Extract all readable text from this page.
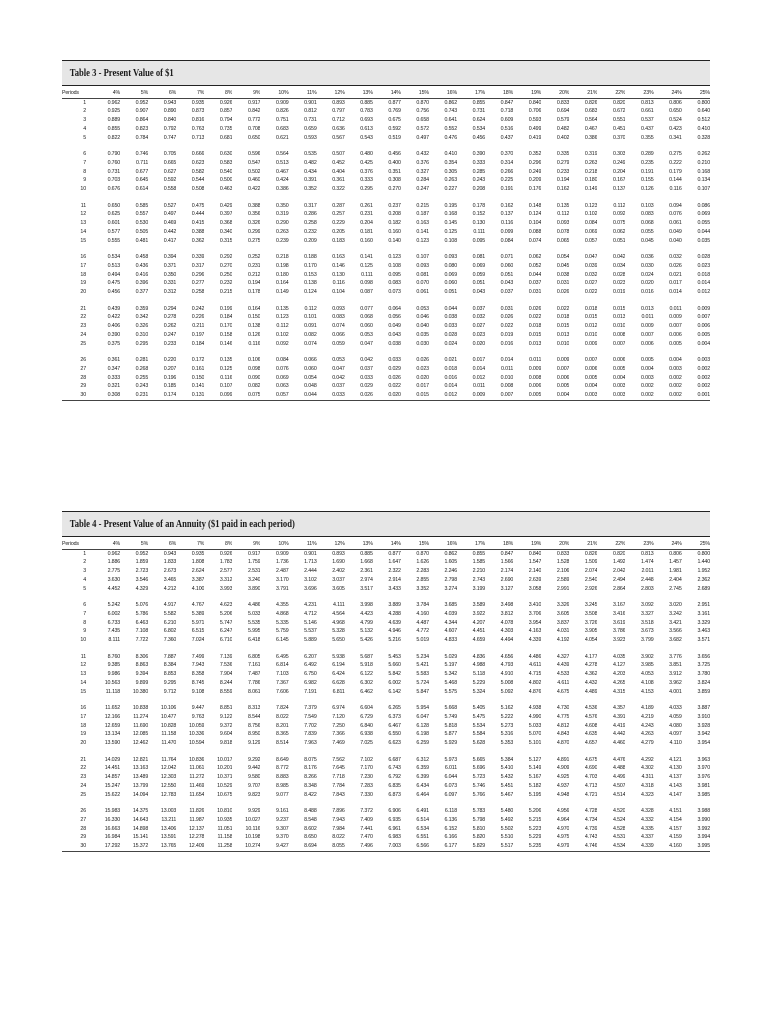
Table 3 - Present Value of $1
Periods	4%	5%	6%	7%	8%	9%	10%	11%	12%	13%	14%	15%	16%	17%	18%	19%	20%	21%	22%	23%	24%	25%
1	0.962	0.952	0.943	0.935	0.926	0.917	0.909	0.901	0.893	0.885	0.877	0.870	0.862	0.855	0.847	0.840	0.833	0.826	0.820	0.813	0.806	0.800
2	0.925	0.907	0.890	0.873	0.857	0.842	0.826	0.812	0.797	0.783	0.769	0.756	0.743	0.731	0.718	0.706	0.694	0.683	0.672	0.661	0.650	0.640
3	0.889	0.864	0.840	0.816	0.794	0.772	0.751	0.731	0.712	0.693	0.675	0.658	0.641	0.624	0.609	0.593	0.579	0.564	0.551	0.537	0.524	0.512
4	0.855	0.823	0.792	0.763	0.735	0.708	0.683	0.659	0.636	0.613	0.592	0.572	0.552	0.534	0.516	0.499	0.482	0.467	0.451	0.437	0.423	0.410
5	0.822	0.784	0.747	0.713	0.681	0.650	0.621	0.593	0.567	0.543	0.519	0.497	0.476	0.456	0.437	0.419	0.402	0.386	0.370	0.355	0.341	0.328

6	0.790	0.746	0.705	0.666	0.630	0.596	0.564	0.535	0.507	0.480	0.456	0.432	0.410	0.390	0.370	0.352	0.335	0.319	0.303	0.289	0.275	0.262
7	0.760	0.711	0.665	0.623	0.583	0.547	0.513	0.482	0.452	0.425	0.400	0.376	0.354	0.333	0.314	0.296	0.279	0.263	0.249	0.235	0.222	0.210
8	0.731	0.677	0.627	0.582	0.540	0.502	0.467	0.434	0.404	0.376	0.351	0.327	0.305	0.285	0.266	0.249	0.233	0.218	0.204	0.191	0.179	0.168
9	0.703	0.645	0.592	0.544	0.500	0.460	0.424	0.391	0.361	0.333	0.308	0.284	0.263	0.243	0.225	0.209	0.194	0.180	0.167	0.155	0.144	0.134
10	0.676	0.614	0.558	0.508	0.463	0.422	0.386	0.352	0.322	0.295	0.270	0.247	0.227	0.208	0.191	0.176	0.162	0.149	0.137	0.126	0.116	0.107

11	0.650	0.585	0.527	0.475	0.429	0.388	0.350	0.317	0.287	0.261	0.237	0.215	0.195	0.178	0.162	0.148	0.135	0.123	0.112	0.103	0.094	0.086
12	0.625	0.557	0.497	0.444	0.397	0.356	0.319	0.286	0.257	0.231	0.208	0.187	0.168	0.152	0.137	0.124	0.112	0.102	0.092	0.083	0.076	0.069
13	0.601	0.530	0.469	0.415	0.368	0.326	0.290	0.258	0.229	0.204	0.182	0.163	0.145	0.130	0.116	0.104	0.093	0.084	0.075	0.068	0.061	0.055
14	0.577	0.505	0.442	0.388	0.340	0.299	0.263	0.232	0.205	0.181	0.160	0.141	0.125	0.111	0.099	0.088	0.078	0.069	0.062	0.055	0.049	0.044
15	0.555	0.481	0.417	0.362	0.315	0.275	0.239	0.209	0.183	0.160	0.140	0.123	0.108	0.095	0.084	0.074	0.065	0.057	0.051	0.045	0.040	0.035

16	0.534	0.458	0.394	0.339	0.292	0.252	0.218	0.188	0.163	0.141	0.123	0.107	0.093	0.081	0.071	0.062	0.054	0.047	0.042	0.036	0.032	0.028
17	0.513	0.436	0.371	0.317	0.270	0.231	0.198	0.170	0.146	0.125	0.108	0.093	0.080	0.069	0.060	0.052	0.045	0.039	0.034	0.030	0.026	0.023
18	0.494	0.416	0.350	0.296	0.250	0.212	0.180	0.153	0.130	0.111	0.095	0.081	0.069	0.059	0.051	0.044	0.038	0.032	0.028	0.024	0.021	0.018
19	0.475	0.396	0.331	0.277	0.232	0.194	0.164	0.138	0.116	0.098	0.083	0.070	0.060	0.051	0.043	0.037	0.031	0.027	0.023	0.020	0.017	0.014
20	0.456	0.377	0.312	0.258	0.215	0.178	0.149	0.124	0.104	0.087	0.073	0.061	0.051	0.043	0.037	0.031	0.026	0.022	0.019	0.016	0.014	0.012

21	0.439	0.359	0.294	0.242	0.199	0.164	0.135	0.112	0.093	0.077	0.064	0.053	0.044	0.037	0.031	0.026	0.022	0.018	0.015	0.013	0.011	0.009
22	0.422	0.342	0.278	0.226	0.184	0.150	0.123	0.101	0.083	0.068	0.056	0.046	0.038	0.032	0.026	0.022	0.018	0.015	0.013	0.011	0.009	0.007
23	0.406	0.326	0.262	0.211	0.170	0.138	0.112	0.091	0.074	0.060	0.049	0.040	0.033	0.027	0.022	0.018	0.015	0.012	0.010	0.009	0.007	0.006
24	0.390	0.310	0.247	0.197	0.158	0.126	0.102	0.082	0.066	0.053	0.043	0.035	0.028	0.023	0.019	0.015	0.013	0.010	0.008	0.007	0.006	0.005
25	0.375	0.295	0.233	0.184	0.146	0.116	0.092	0.074	0.059	0.047	0.038	0.030	0.024	0.020	0.016	0.013	0.010	0.009	0.007	0.006	0.005	0.004

26	0.361	0.281	0.220	0.172	0.135	0.106	0.084	0.066	0.053	0.042	0.033	0.026	0.021	0.017	0.014	0.011	0.009	0.007	0.006	0.005	0.004	0.003
27	0.347	0.268	0.207	0.161	0.125	0.098	0.076	0.060	0.047	0.037	0.029	0.023	0.018	0.014	0.011	0.009	0.007	0.006	0.005	0.004	0.003	0.002
28	0.333	0.255	0.196	0.150	0.116	0.090	0.069	0.054	0.042	0.033	0.026	0.020	0.016	0.012	0.010	0.008	0.006	0.005	0.004	0.003	0.002	0.002
29	0.321	0.243	0.185	0.141	0.107	0.082	0.063	0.048	0.037	0.029	0.022	0.017	0.014	0.011	0.008	0.006	0.005	0.004	0.003	0.002	0.002	0.002
30	0.308	0.231	0.174	0.131	0.099	0.075	0.057	0.044	0.033	0.026	0.020	0.015	0.012	0.009	0.007	0.005	0.004	0.003	0.003	0.002	0.002	0.001
Table 4 - Present Value of an Annuity ($1 paid in each period)
Periods	4%	5%	6%	7%	8%	9%	10%	11%	12%	13%	14%	15%	16%	17%	18%	19%	20%	21%	22%	23%	24%	25%
1	0.962	0.952	0.943	0.935	0.926	0.917	0.909	0.901	0.893	0.885	0.877	0.870	0.862	0.855	0.847	0.840	0.833	0.826	0.820	0.813	0.806	0.800
2	1.886	1.859	1.833	1.808	1.783	1.759	1.736	1.713	1.690	1.668	1.647	1.626	1.605	1.585	1.566	1.547	1.528	1.509	1.492	1.474	1.457	1.440
3	2.775	2.723	2.673	2.624	2.577	2.531	2.487	2.444	2.402	2.361	2.322	2.283	2.246	2.210	2.174	2.140	2.106	2.074	2.042	2.011	1.981	1.952
4	3.630	3.546	3.465	3.387	3.312	3.240	3.170	3.102	3.037	2.974	2.914	2.855	2.798	2.743	2.690	2.639	2.589	2.540	2.494	2.448	2.404	2.362
5	4.452	4.329	4.212	4.100	3.993	3.890	3.791	3.696	3.605	3.517	3.433	3.352	3.274	3.199	3.127	3.058	2.991	2.926	2.864	2.803	2.745	2.689

6	5.242	5.076	4.917	4.767	4.623	4.486	4.355	4.231	4.111	3.998	3.889	3.784	3.685	3.589	3.498	3.410	3.326	3.245	3.167	3.092	3.020	2.951
7	6.002	5.786	5.582	5.389	5.206	5.033	4.868	4.712	4.564	4.423	4.288	4.160	4.039	3.922	3.812	3.706	3.605	3.508	3.416	3.327	3.242	3.161
8	6.733	6.463	6.210	5.971	5.747	5.535	5.335	5.146	4.968	4.799	4.639	4.487	4.344	4.207	4.078	3.954	3.837	3.726	3.619	3.518	3.421	3.329
9	7.435	7.108	6.802	6.515	6.247	5.995	5.759	5.537	5.328	5.132	4.946	4.772	4.607	4.451	4.303	4.163	4.031	3.905	3.786	3.673	3.566	3.463
10	8.111	7.722	7.360	7.024	6.710	6.418	6.145	5.889	5.650	5.426	5.216	5.019	4.833	4.659	4.494	4.339	4.192	4.054	3.923	3.799	3.682	3.571

11	8.760	8.306	7.887	7.499	7.139	6.805	6.495	6.207	5.938	5.687	5.453	5.234	5.029	4.836	4.656	4.486	4.327	4.177	4.035	3.902	3.776	3.656
12	9.385	8.863	8.384	7.943	7.536	7.161	6.814	6.492	6.194	5.918	5.660	5.421	5.197	4.988	4.793	4.611	4.439	4.278	4.127	3.985	3.851	3.725
13	9.986	9.394	8.853	8.358	7.904	7.487	7.103	6.750	6.424	6.122	5.842	5.583	5.342	5.118	4.910	4.715	4.533	4.362	4.203	4.053	3.912	3.780
14	10.563	9.899	9.295	8.745	8.244	7.786	7.367	6.982	6.628	6.302	6.002	5.724	5.468	5.229	5.008	4.802	4.611	4.432	4.265	4.108	3.962	3.824
15	11.118	10.380	9.712	9.108	8.559	8.061	7.606	7.191	6.811	6.462	6.142	5.847	5.575	5.324	5.092	4.876	4.675	4.489	4.315	4.153	4.001	3.859

16	11.652	10.838	10.106	9.447	8.851	8.313	7.824	7.379	6.974	6.604	6.265	5.954	5.668	5.405	5.162	4.938	4.730	4.536	4.357	4.189	4.033	3.887
17	12.166	11.274	10.477	9.763	9.122	8.544	8.022	7.549	7.120	6.729	6.373	6.047	5.749	5.475	5.222	4.990	4.775	4.576	4.391	4.219	4.059	3.910
18	12.659	11.690	10.828	10.059	9.372	8.756	8.201	7.702	7.250	6.840	6.467	6.128	5.818	5.534	5.273	5.033	4.812	4.608	4.419	4.243	4.080	3.928
19	13.134	12.085	11.158	10.336	9.604	8.950	8.365	7.839	7.366	6.938	6.550	6.198	5.877	5.584	5.316	5.070	4.843	4.635	4.442	4.263	4.097	3.942
20	13.590	12.462	11.470	10.594	9.818	9.129	8.514	7.963	7.469	7.025	6.623	6.259	5.929	5.628	5.353	5.101	4.870	4.657	4.460	4.279	4.110	3.954

21	14.029	12.821	11.764	10.836	10.017	9.292	8.649	8.075	7.562	7.102	6.687	6.312	5.973	5.665	5.384	5.127	4.891	4.675	4.476	4.292	4.121	3.963
22	14.451	13.163	12.042	11.061	10.201	9.442	8.772	8.176	7.645	7.170	6.743	6.359	6.011	5.696	5.410	5.149	4.909	4.690	4.488	4.302	4.130	3.970
23	14.857	13.489	12.303	11.272	10.371	9.580	8.883	8.266	7.718	7.230	6.792	6.399	6.044	5.723	5.432	5.167	4.925	4.703	4.499	4.311	4.137	3.976
24	15.247	13.799	12.550	11.469	10.529	9.707	8.985	8.348	7.784	7.283	6.835	6.434	6.073	5.746	5.451	5.182	4.937	4.713	4.507	4.318	4.143	3.981
25	15.622	14.094	12.783	11.654	10.675	9.823	9.077	8.422	7.843	7.330	6.873	6.464	6.097	5.766	5.467	5.195	4.948	4.721	4.514	4.323	4.147	3.985

26	15.983	14.375	13.003	11.826	10.810	9.929	9.161	8.488	7.896	7.372	6.906	6.491	6.118	5.783	5.480	5.206	4.956	4.728	4.520	4.328	4.151	3.988
27	16.330	14.643	13.211	11.987	10.935	10.027	9.237	8.548	7.943	7.409	6.935	6.514	6.136	5.798	5.492	5.215	4.964	4.734	4.524	4.332	4.154	3.990
28	16.663	14.898	13.406	12.137	11.051	10.116	9.307	8.602	7.984	7.441	6.961	6.534	6.152	5.810	5.502	5.223	4.970	4.739	4.528	4.335	4.157	3.992
29	16.984	15.141	13.591	12.278	11.158	10.198	9.370	8.650	8.022	7.470	6.983	6.551	6.166	5.820	5.510	5.229	4.975	4.743	4.531	4.337	4.159	3.994
30	17.292	15.372	13.765	12.409	11.258	10.274	9.427	8.694	8.055	7.496	7.003	6.566	6.177	5.829	5.517	5.235	4.979	4.746	4.534	4.339	4.160	3.995
